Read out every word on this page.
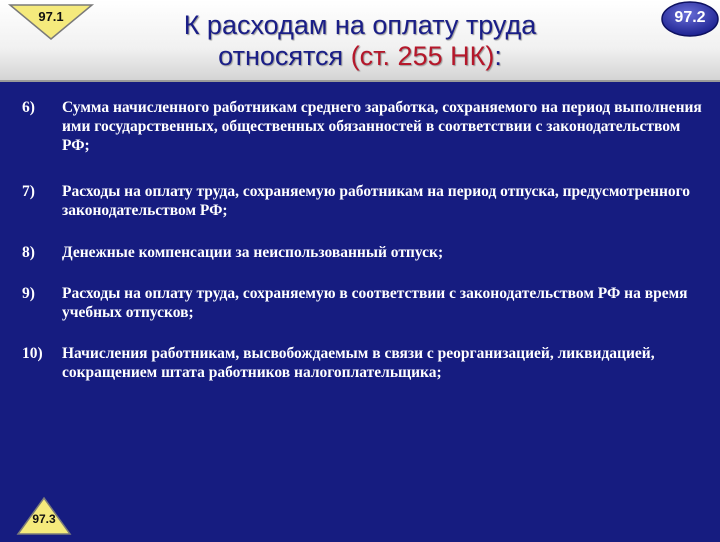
97.1	К расходам на оплату труда
относятся (ст. 255 НК):
97.2
6) Сумма начисленного работникам среднего заработка, сохраняемого на период выполнения ими государственных, общественных обязанностей в соответствии с законодательством РФ;
7) Расходы на оплату труда, сохраняемую работникам на период отпуска, предусмотренного законодательством РФ;
8) Денежные компенсации за неиспользованный отпуск;
9) Расходы на оплату труда, сохраняемую в соответствии с законодательством РФ на время учебных отпусков;
10) Начисления работникам, высвобождаемым в связи с реорганизацией, ликвидацией, сокращением штата работников налогоплательщика;
97.3
